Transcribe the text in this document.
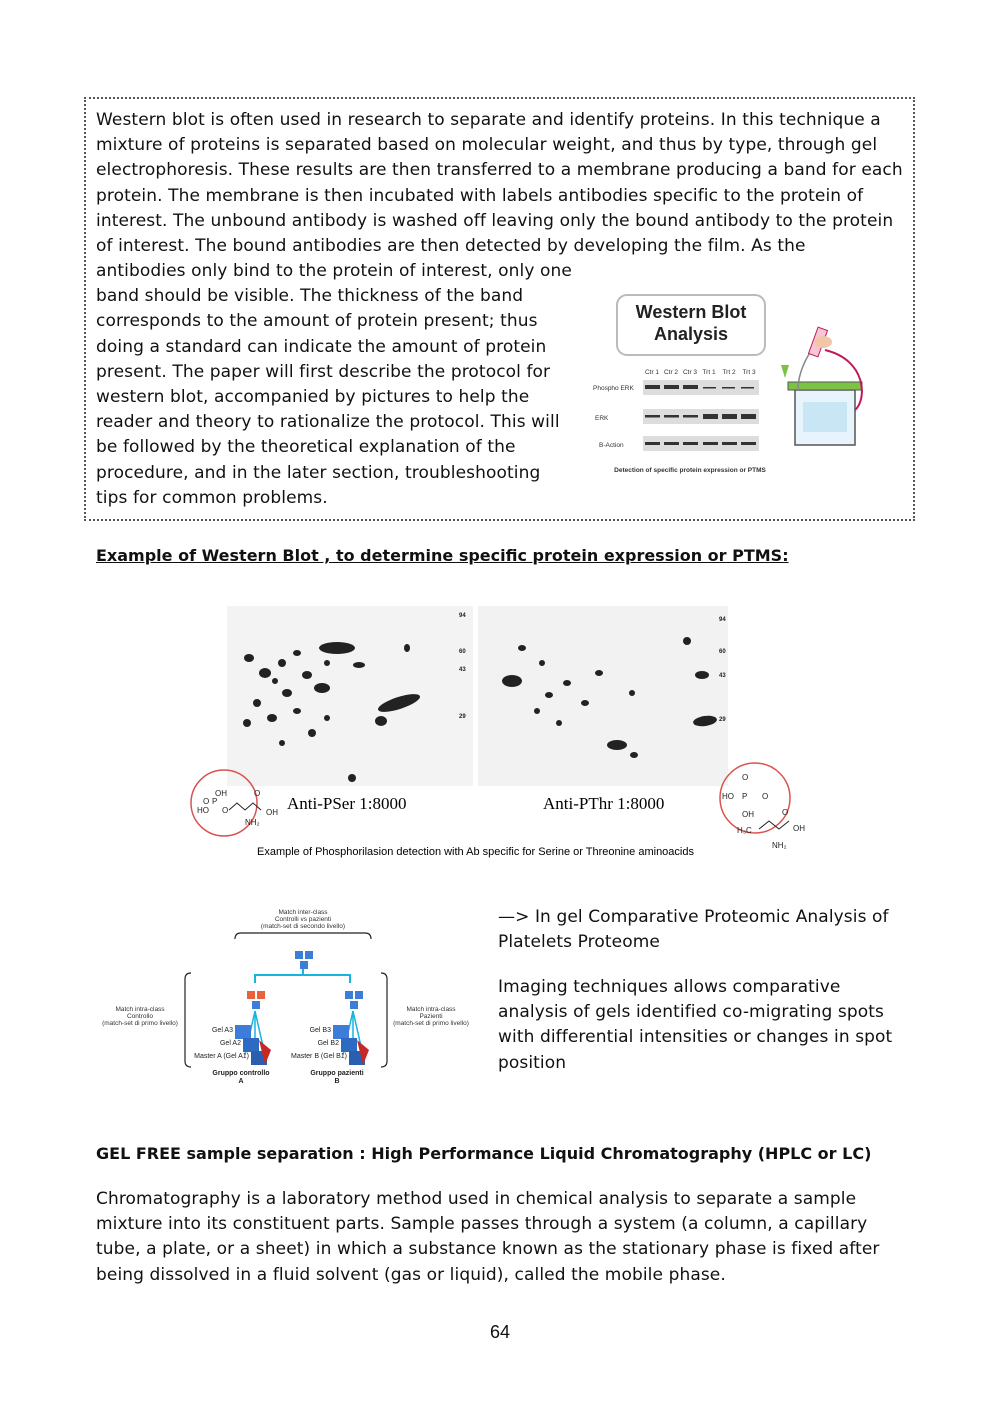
Western blot is often used in research to separate and identify proteins. In this technique a mixture of proteins is separated based on molecular weight, and thus by type, through gel electrophoresis. These results are then transferred to a membrane producing a band for each protein. The membrane is then incubated with labels antibodies specific to the protein of interest. The unbound antibody is washed off leaving only the bound antibody to the protein of interest. The bound antibodies are then detected by developing the film. As the
antibodies only bind to the protein of interest, only one band should be visible. The thickness of the band corresponds to the amount of protein present; thus doing a standard can indicate the amount of protein present. The paper will first describe the protocol for western blot, accompanied by pictures to help the reader and theory to rationalize the protocol. This will be followed by the theoretical explanation of the procedure, and in the later section, troubleshooting tips for common problems.
Western Blot
Analysis
Ctr 1 Ctr 2 Ctr 3 Trt 1 Trt 2 Trt 3
Phospho ERK
ERK
B-Action
Detection of specific protein expression or PTMS
Example of Western Blot , to determine specific protein expression or PTMS:
94
60
43
29
94
60
43
29
OH
O P
HO O
O
OH
NH₂
Anti-PSer 1:8000	Anti-PThr 1:8000
O
HO P O
OH	O
H₃C	OH
NH₂
Example of Phosphorilasion detection with Ab specific for Serine or Threonine aminoacids
Match inter-class
Controlli vs pazienti
(match-set di secondo livello)
Match intra-class
Controllo
(match-set di primo livello)
Match intra-class
Pazienti
(match-set di primo livello)
Gel A3
Gel A2
Master A (Gel A1)
Gel B3
Gel B2
Master B (Gel B1)
Gruppo controllo
A
Gruppo pazienti
B
—> In gel Comparative Proteomic Analysis of Platelets Proteome
Imaging techniques allows comparative analysis of gels identified co-migrating spots with differential intensities or changes in spot position
GEL FREE sample separation : High Performance Liquid Chromatography (HPLC or LC)
Chromatography is a laboratory method used in chemical analysis to separate a sample mixture into its constituent parts. Sample passes through a system (a column, a capillary tube, a plate, or a sheet) in which a substance known as the stationary phase is fixed after being dissolved in a fluid solvent (gas or liquid), called the mobile phase.
64
